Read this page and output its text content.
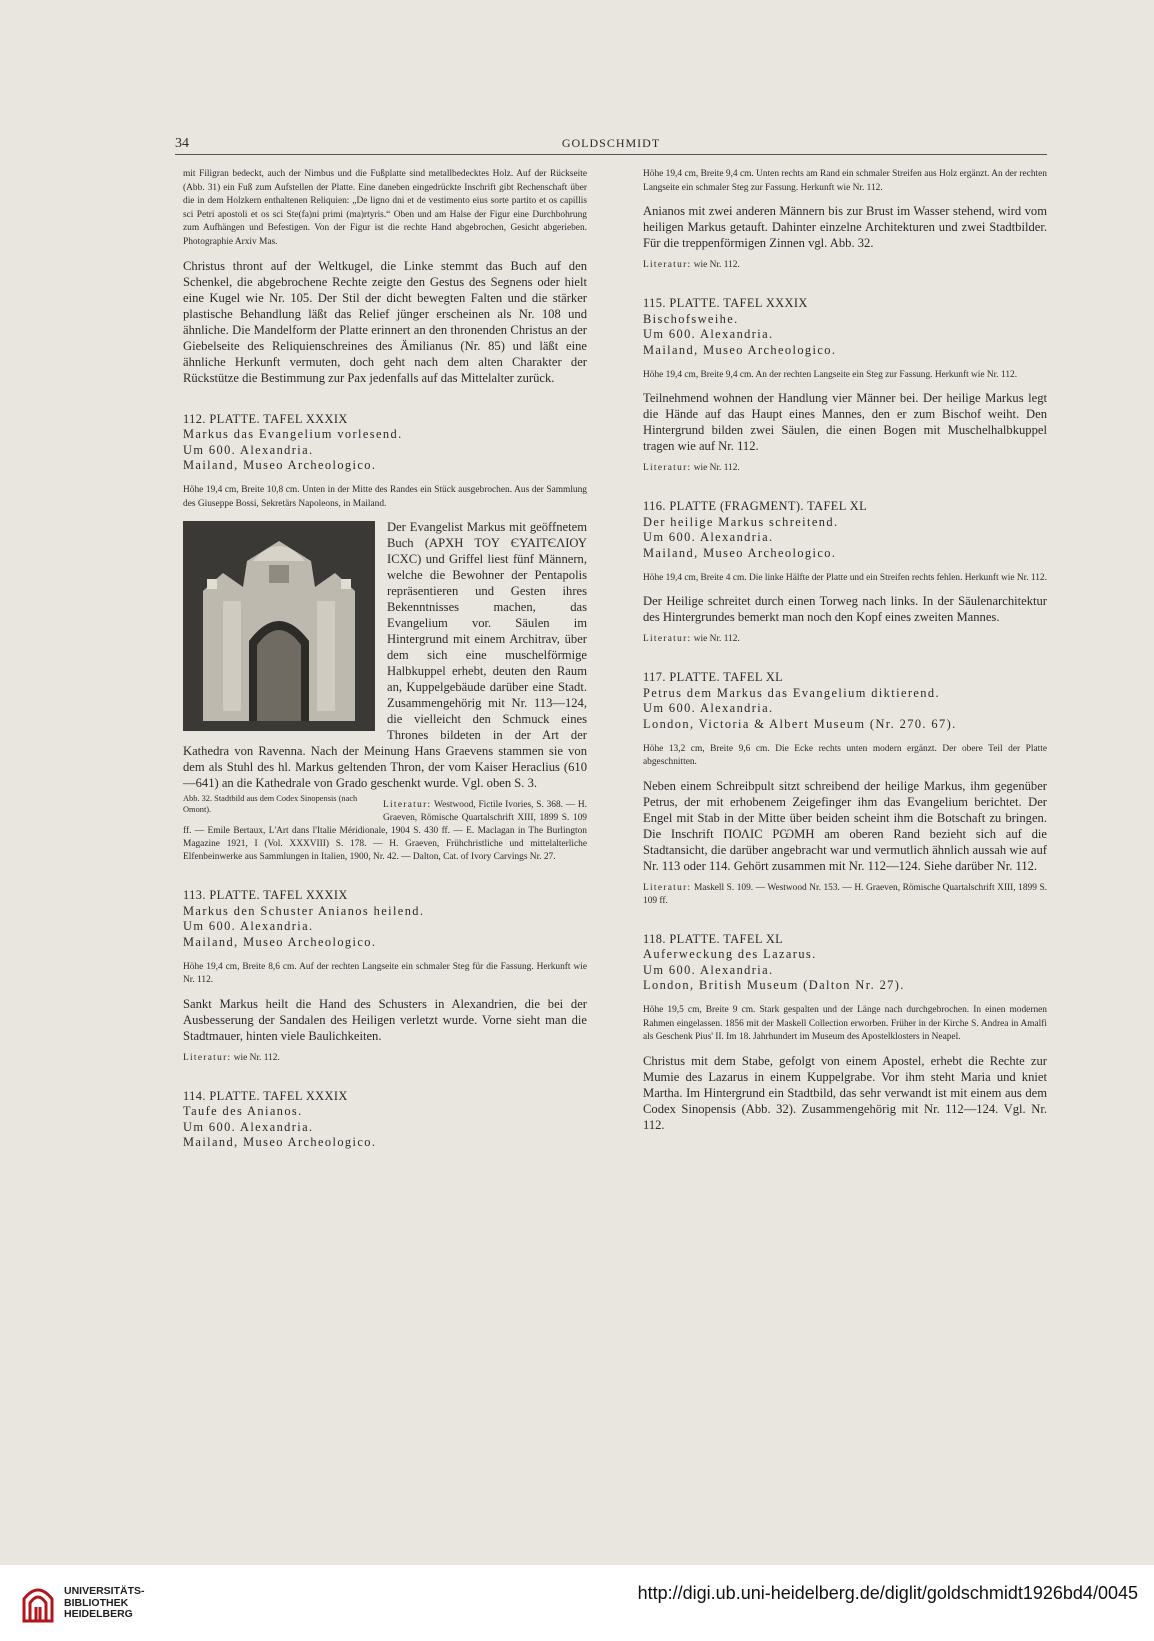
34	GOLDSCHMIDT

mit Filigran bedeckt, auch der Nimbus und die Fußplatte sind metallbedecktes Holz. Auf der Rückseite (Abb. 31) ein Fuß zum Aufstellen der Platte. Eine daneben eingedrückte Inschrift gibt Rechenschaft über die in dem Holzkern enthaltenen Reliquien: „De ligno dni et de vestimento eius sorte partito et os capillis sci Petri apostoli et os sci Ste(fa)ni primi (ma)rtyris.“ Oben und am Halse der Figur eine Durchbohrung zum Aufhängen und Befestigen. Von der Figur ist die rechte Hand abgebrochen, Gesicht abgerieben. Photographie Arxiv Mas.

Christus thront auf der Weltkugel, die Linke stemmt das Buch auf den Schenkel, die abgebrochene Rechte zeigte den Gestus des Segnens oder hielt eine Kugel wie Nr. 105. Der Stil der dicht bewegten Falten und die stärker plastische Behandlung läßt das Relief jünger erscheinen als Nr. 108 und ähnliche. Die Mandelform der Platte erinnert an den thronenden Christus an der Giebelseite des Reliquienschreines des Ämilianus (Nr. 85) und läßt eine ähnliche Herkunft vermuten, doch geht nach dem alten Charakter der Rückstütze die Bestimmung zur Pax jedenfalls auf das Mittelalter zurück.

112. PLATTE. TAFEL XXXIX
Markus das Evangelium vorlesend.
Um 600. Alexandria.
Mailand, Museo Archeologico.

Höhe 19,4 cm, Breite 10,8 cm. Unten in der Mitte des Randes ein Stück ausgebrochen. Aus der Sammlung des Giuseppe Bossi, Sekretärs Napoleons, in Mailand.

Der Evangelist Markus mit geöffnetem Buch (APXH TOY ЄYAΙΤЄΛΙΟΥ ΙCXC) und Griffel liest fünf Männern, welche die Bewohner der Pentapolis repräsentieren und Gesten ihres Bekenntnisses machen, das Evangelium vor. Säulen im Hintergrund mit einem Architrav, über dem sich eine muschelförmige Halbkuppel erhebt, deuten den Raum an, Kuppelgebäude darüber eine Stadt. Zusammengehörig mit Nr. 113—124, die vielleicht den Schmuck eines Thrones bildeten in der Art der Kathedra von Ravenna. Nach der Meinung Hans Graevens stammen sie von dem als Stuhl des hl. Markus geltenden Thron, der vom Kaiser Heraclius (610—641) an die Kathedrale von Grado geschenkt wurde. Vgl. oben S. 3.

Abb. 32. Stadtbild aus dem Codex Sinopensis (nach Omont).	Literatur: Westwood, Fictile Ivories, S. 368. — H. Graeven, Römische Quartalschrift XIII, 1899 S. 109 ff. — Emile Bertaux, L'Art dans l'Italie Méridionale, 1904 S. 430 ff. — E. Maclagan in The Burlington Magazine 1921, I (Vol. XXXVIII) S. 178. — H. Graeven, Frühchristliche und mittelalterliche Elfenbeinwerke aus Sammlungen in Italien, 1900, Nr. 42. — Dalton, Cat. of Ivory Carvings Nr. 27.

113. PLATTE. TAFEL XXXIX
Markus den Schuster Anianos heilend.
Um 600. Alexandria.
Mailand, Museo Archeologico.

Höhe 19,4 cm, Breite 8,6 cm. Auf der rechten Langseite ein schmaler Steg für die Fassung. Herkunft wie Nr. 112.

Sankt Markus heilt die Hand des Schusters in Alexandrien, die bei der Ausbesserung der Sandalen des Heiligen verletzt wurde. Vorne sieht man die Stadtmauer, hinten viele Baulichkeiten.

Literatur: wie Nr. 112.

114. PLATTE. TAFEL XXXIX
Taufe des Anianos.
Um 600. Alexandria.
Mailand, Museo Archeologico.

Höhe 19,4 cm, Breite 9,4 cm. Unten rechts am Rand ein schmaler Streifen aus Holz ergänzt. An der rechten Langseite ein schmaler Steg zur Fassung. Herkunft wie Nr. 112.

Anianos mit zwei anderen Männern bis zur Brust im Wasser stehend, wird vom heiligen Markus getauft. Dahinter einzelne Architekturen und zwei Stadtbilder. Für die treppenförmigen Zinnen vgl. Abb. 32.

Literatur: wie Nr. 112.

115. PLATTE. TAFEL XXXIX
Bischofsweihe.
Um 600. Alexandria.
Mailand, Museo Archeologico.

Höhe 19,4 cm, Breite 9,4 cm. An der rechten Langseite ein Steg zur Fassung. Herkunft wie Nr. 112.

Teilnehmend wohnen der Handlung vier Männer bei. Der heilige Markus legt die Hände auf das Haupt eines Mannes, den er zum Bischof weiht. Den Hintergrund bilden zwei Säulen, die einen Bogen mit Muschelhalbkuppel tragen wie auf Nr. 112.

Literatur: wie Nr. 112.

116. PLATTE (FRAGMENT). TAFEL XL
Der heilige Markus schreitend.
Um 600. Alexandria.
Mailand, Museo Archeologico.

Höhe 19,4 cm, Breite 4 cm. Die linke Hälfte der Platte und ein Streifen rechts fehlen. Herkunft wie Nr. 112.

Der Heilige schreitet durch einen Torweg nach links. In der Säulenarchitektur des Hintergrundes bemerkt man noch den Kopf eines zweiten Mannes.

Literatur: wie Nr. 112.

117. PLATTE. TAFEL XL
Petrus dem Markus das Evangelium diktierend.
Um 600. Alexandria.
London, Victoria & Albert Museum (Nr. 270. 67).

Höhe 13,2 cm, Breite 9,6 cm. Die Ecke rechts unten modern ergänzt. Der obere Teil der Platte abgeschnitten.

Neben einem Schreibpult sitzt schreibend der heilige Markus, ihm gegenüber Petrus, der mit erhobenem Zeigefinger ihm das Evangelium berichtet. Der Engel mit Stab in der Mitte über beiden scheint ihm die Botschaft zu bringen. Die Inschrift ΠΟΛΙϹ ΡѠΜΗ am oberen Rand bezieht sich auf die Stadtansicht, die darüber angebracht war und vermutlich ähnlich aussah wie auf Nr. 113 oder 114. Gehört zusammen mit Nr. 112—124. Siehe darüber Nr. 112.

Literatur: Maskell S. 109. — Westwood Nr. 153. — H. Graeven, Römische Quartalschrift XIII, 1899 S. 109 ff.

118. PLATTE. TAFEL XL
Auferweckung des Lazarus.
Um 600. Alexandria.
London, British Museum (Dalton Nr. 27).

Höhe 19,5 cm, Breite 9 cm. Stark gespalten und der Länge nach durchgebrochen. In einen modernen Rahmen eingelassen. 1856 mit der Maskell Collection erworben. Früher in der Kirche S. Andrea in Amalfi als Geschenk Pius' II. Im 18. Jahrhundert im Museum des Apostelklosters in Neapel.

Christus mit dem Stabe, gefolgt von einem Apostel, erhebt die Rechte zur Mumie des Lazarus in einem Kuppelgrabe. Vor ihm steht Maria und kniet Martha. Im Hintergrund ein Stadtbild, das sehr verwandt ist mit einem aus dem Codex Sinopensis (Abb. 32). Zusammengehörig mit Nr. 112—124. Vgl. Nr. 112.

UNIVERSITÄTS-
BIBLIOTHEK
HEIDELBERG
http://digi.ub.uni-heidelberg.de/diglit/goldschmidt1926bd4/0045
